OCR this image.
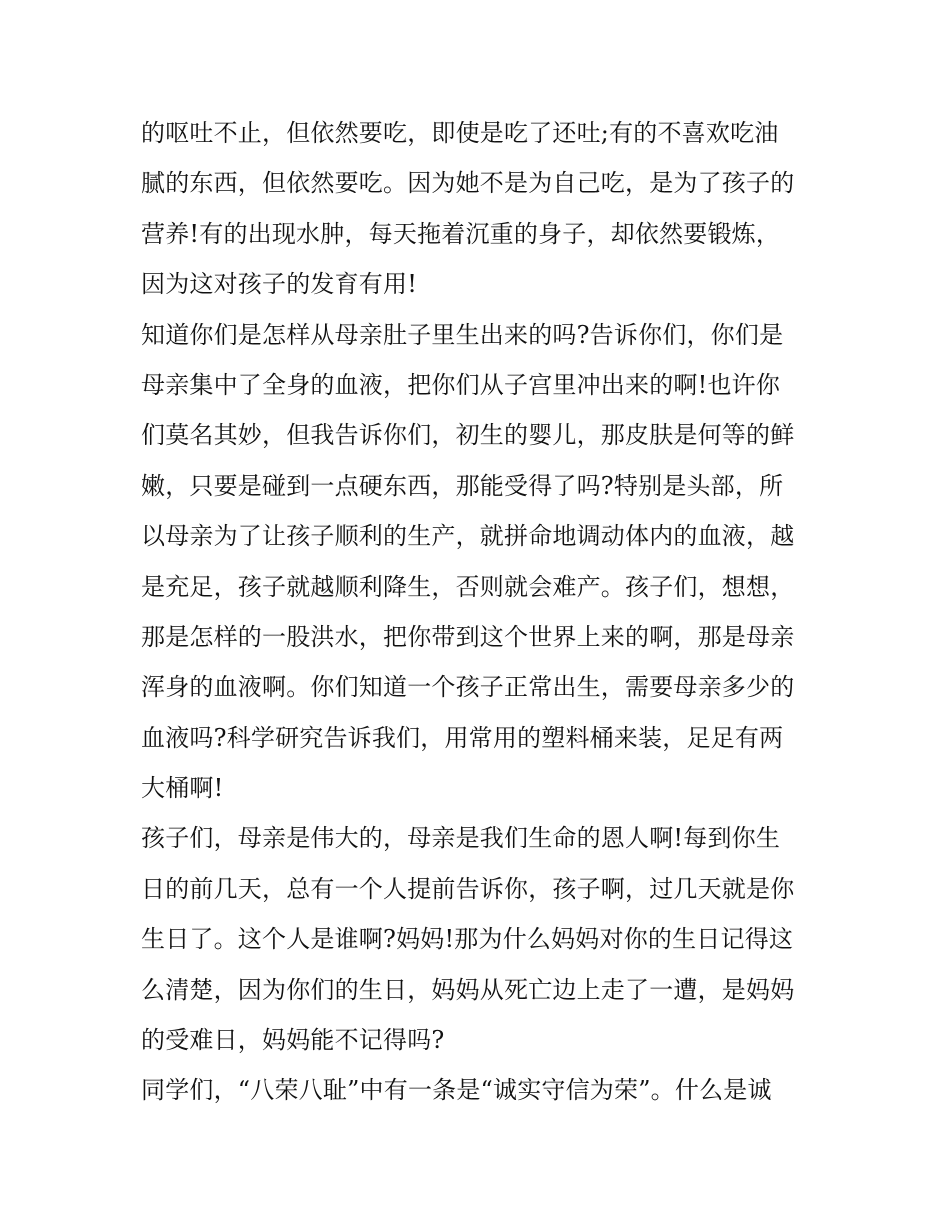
的呕吐不止，但依然要吃，即使是吃了还吐;有的不喜欢吃油
腻的东西，但依然要吃。因为她不是为自己吃，是为了孩子的
营养!有的出现水肿，每天拖着沉重的身子，却依然要锻炼，
因为这对孩子的发育有用!
知道你们是怎样从母亲肚子里生出来的吗?告诉你们，你们是
母亲集中了全身的血液，把你们从子宫里冲出来的啊!也许你
们莫名其妙，但我告诉你们，初生的婴儿，那皮肤是何等的鲜
嫩，只要是碰到一点硬东西，那能受得了吗?特别是头部，所
以母亲为了让孩子顺利的生产，就拼命地调动体内的血液，越
是充足，孩子就越顺利降生，否则就会难产。孩子们，想想，
那是怎样的一股洪水，把你带到这个世界上来的啊，那是母亲
浑身的血液啊。你们知道一个孩子正常出生，需要母亲多少的
血液吗?科学研究告诉我们，用常用的塑料桶来装，足足有两
大桶啊!
孩子们，母亲是伟大的，母亲是我们生命的恩人啊!每到你生
日的前几天，总有一个人提前告诉你，孩子啊，过几天就是你
生日了。这个人是谁啊?妈妈!那为什么妈妈对你的生日记得这
么清楚，因为你们的生日，妈妈从死亡边上走了一遭，是妈妈
的受难日，妈妈能不记得吗?
同学们，“八荣八耻”中有一条是“诚实守信为荣”。什么是诚
